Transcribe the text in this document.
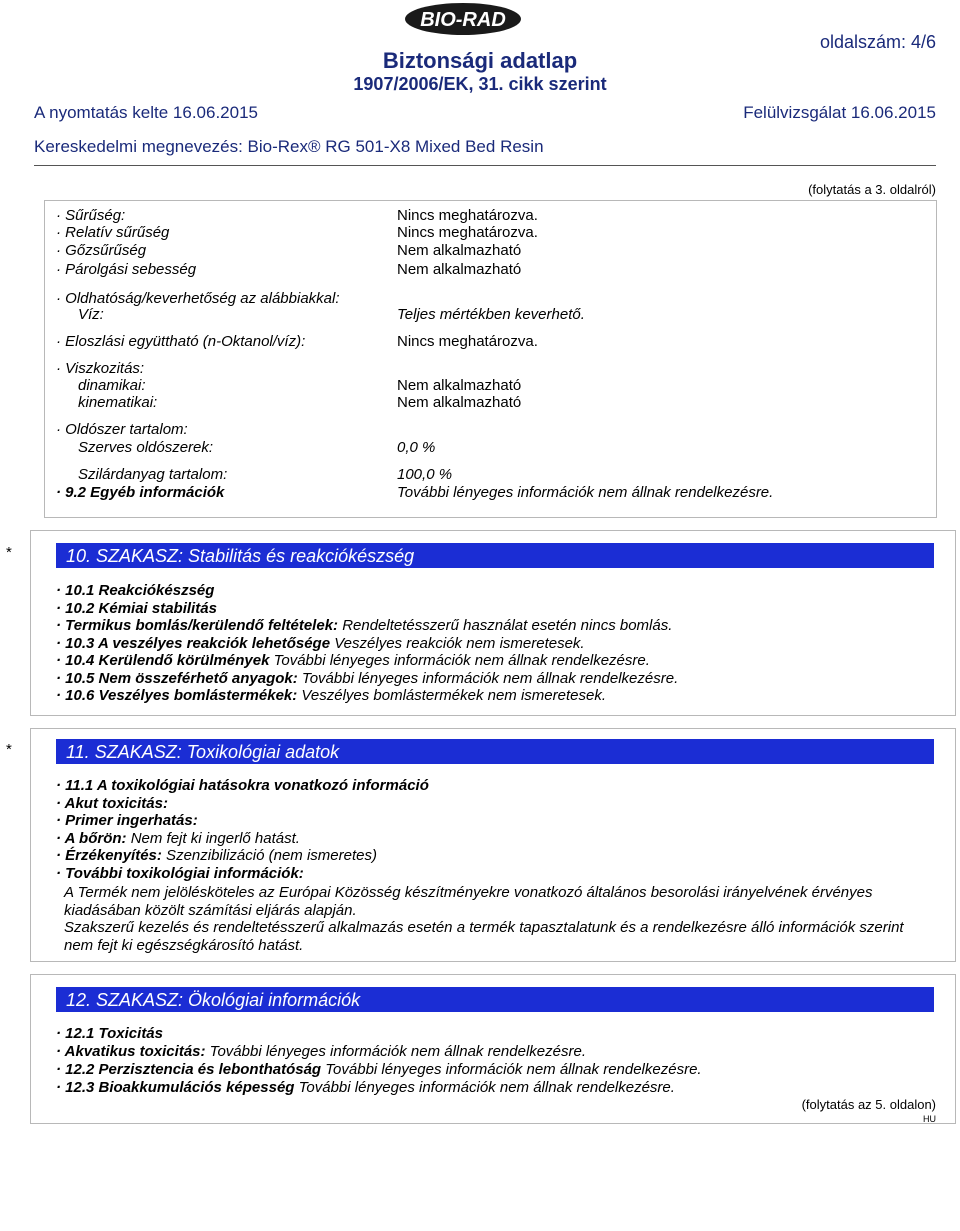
BIO-RAD
Biztonsági adatlap
1907/2006/EK, 31. cikk szerint
oldalszám: 4/6
A nyomtatás kelte 16.06.2015	Felülvizsgálat 16.06.2015
Kereskedelmi megnevezés: Bio-Rex® RG 501-X8 Mixed Bed Resin
(folytatás a 3. oldalról)
· Sűrűség:	Nincs meghatározva.
· Relatív sűrűség	Nincs meghatározva.
· Gőzsűrűség	Nem alkalmazható
· Párolgási sebesség	Nem alkalmazható
· Oldhatóság/keverhetőség az alábbiakkal:
Víz:	Teljes mértékben keverhető.
· Eloszlási együttható (n-Oktanol/víz):	Nincs meghatározva.
· Viszkozitás:
dinamikai:	Nem alkalmazható
kinematikai:	Nem alkalmazható
· Oldószer tartalom:
Szerves oldószerek:	0,0 %
Szilárdanyag tartalom:	100,0 %
· 9.2 Egyéb információk	További lényeges információk nem állnak rendelkezésre.
*	10. SZAKASZ: Stabilitás és reakciókészség
· 10.1 Reakciókészség
· 10.2 Kémiai stabilitás
· Termikus bomlás/kerülendő feltételek: Rendeltetésszerű használat esetén nincs bomlás.
· 10.3 A veszélyes reakciók lehetősége Veszélyes reakciók nem ismeretesek.
· 10.4 Kerülendő körülmények További lényeges információk nem állnak rendelkezésre.
· 10.5 Nem összeférhető anyagok: További lényeges információk nem állnak rendelkezésre.
· 10.6 Veszélyes bomlástermékek: Veszélyes bomlástermékek nem ismeretesek.
*	11. SZAKASZ: Toxikológiai adatok
· 11.1 A toxikológiai hatásokra vonatkozó információ
· Akut toxicitás:
· Primer ingerhatás:
· A bőrön: Nem fejt ki ingerlő hatást.
· Érzékenyítés: Szenzibilizáció (nem ismeretes)
· További toxikológiai információk:
A Termék nem jelölésköteles az Európai Közösség készítményekre vonatkozó általános besorolási irányelvének érvényes kiadásában közölt számítási eljárás alapján.
Szakszerű kezelés és rendeltetésszerű alkalmazás esetén a termék tapasztalatunk és a rendelkezésre álló információk szerint nem fejt ki egészségkárosító hatást.
12. SZAKASZ: Ökológiai információk
· 12.1 Toxicitás
· Akvatikus toxicitás: További lényeges információk nem állnak rendelkezésre.
· 12.2 Perzisztencia és lebonthatóság További lényeges információk nem állnak rendelkezésre.
· 12.3 Bioakkumulációs képesség További lényeges információk nem állnak rendelkezésre.
(folytatás az 5. oldalon)
HU
